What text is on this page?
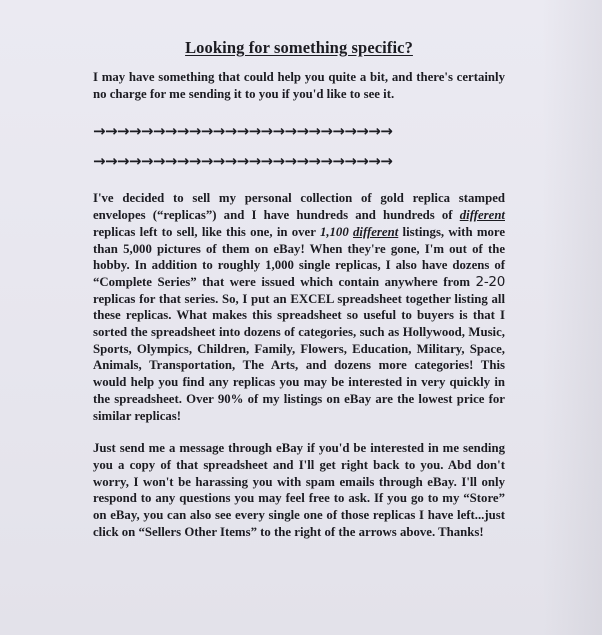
Looking for something specific?

I may have something that could help you quite a bit, and there's certainly no charge for me sending it to you if you'd like to see it.

→→→→→→→→→→→→→→→→→→→→→→→→→
→→→→→→→→→→→→→→→→→→→→→→→→→

I've decided to sell my personal collection of gold replica stamped envelopes (“replicas”) and I have hundreds and hundreds of different replicas left to sell, like this one, in over 1,100 different listings, with more than 5,000 pictures of them on eBay! When they're gone, I'm out of the hobby. In addition to roughly 1,000 single replicas, I also have dozens of “Complete Series” that were issued which contain anywhere from 2-20 replicas for that series. So, I put an EXCEL spreadsheet together listing all these replicas. What makes this spreadsheet so useful to buyers is that I sorted the spreadsheet into dozens of categories, such as Hollywood, Music, Sports, Olympics, Children, Family, Flowers, Education, Military, Space, Animals, Transportation, The Arts, and dozens more categories! This would help you find any replicas you may be interested in very quickly in the spreadsheet. Over 90% of my listings on eBay are the lowest price for similar replicas!

Just send me a message through eBay if you'd be interested in me sending you a copy of that spreadsheet and I'll get right back to you. Abd don't worry, I won't be harassing you with spam emails through eBay. I'll only respond to any questions you may feel free to ask. If you go to my “Store” on eBay, you can also see every single one of those replicas I have left...just click on “Sellers Other Items” to the right of the arrows above. Thanks!
